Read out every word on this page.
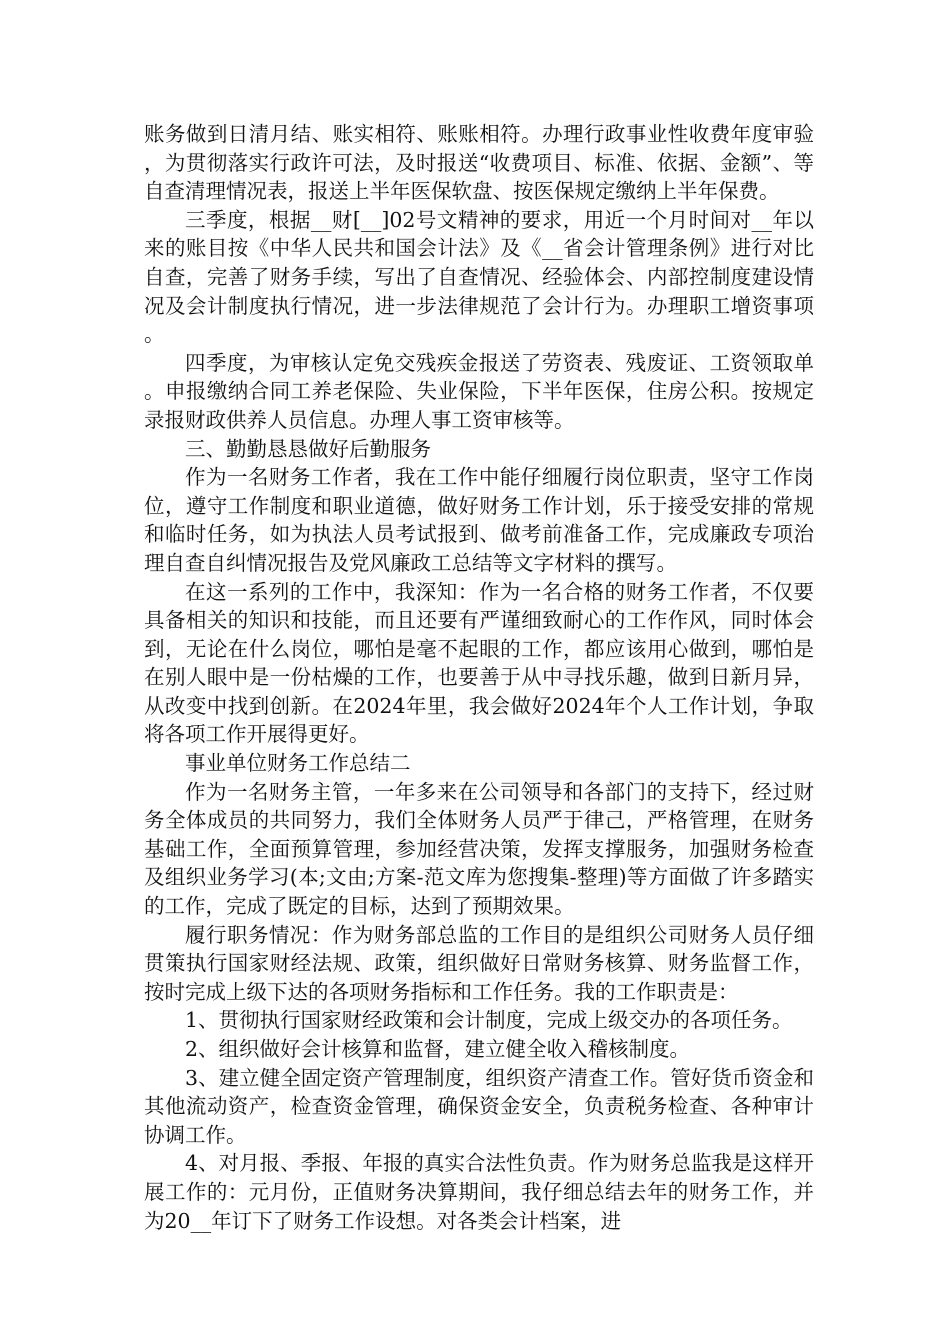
账务做到日清月结、账实相符、账账相符。办理行政事业性收费年度审验，为贯彻落实行政许可法，及时报送“收费项目、标准、依据、金额”、等自查清理情况表，报送上半年医保软盘、按医保规定缴纳上半年保费。

三季度，根据__财[__]02号文精神的要求，用近一个月时间对__年以来的账目按《中华人民共和国会计法》及《__省会计管理条例》进行对比自查，完善了财务手续，写出了自查情况、经验体会、内部控制度建设情况及会计制度执行情况，进一步法律规范了会计行为。办理职工增资事项。

四季度，为审核认定免交残疾金报送了劳资表、残废证、工资领取单。申报缴纳合同工养老保险、失业保险，下半年医保，住房公积。按规定录报财政供养人员信息。办理人事工资审核等。

三、勤勤恳恳做好后勤服务

作为一名财务工作者，我在工作中能仔细履行岗位职责，坚守工作岗位，遵守工作制度和职业道德，做好财务工作计划，乐于接受安排的常规和临时任务，如为执法人员考试报到、做考前准备工作，完成廉政专项治理自查自纠情况报告及党风廉政工总结等文字材料的撰写。

在这一系列的工作中，我深知：作为一名合格的财务工作者，不仅要具备相关的知识和技能，而且还要有严谨细致耐心的工作作风，同时体会到，无论在什么岗位，哪怕是毫不起眼的工作，都应该用心做到，哪怕是在别人眼中是一份枯燥的工作，也要善于从中寻找乐趣，做到日新月异，从改变中找到创新。在2024年里，我会做好2024年个人工作计划，争取将各项工作开展得更好。

事业单位财务工作总结二

作为一名财务主管，一年多来在公司领导和各部门的支持下，经过财务全体成员的共同努力，我们全体财务人员严于律己，严格管理，在财务基础工作，全面预算管理，参加经营决策，发挥支撑服务，加强财务检查及组织业务学习(本;文由;方案-范文库为您搜集-整理)等方面做了许多踏实的工作，完成了既定的目标，达到了预期效果。

履行职务情况：作为财务部总监的工作目的是组织公司财务人员仔细贯策执行国家财经法规、政策，组织做好日常财务核算、财务监督工作，按时完成上级下达的各项财务指标和工作任务。我的工作职责是：

1、贯彻执行国家财经政策和会计制度，完成上级交办的各项任务。

2、组织做好会计核算和监督，建立健全收入稽核制度。

3、建立健全固定资产管理制度，组织资产清查工作。管好货币资金和其他流动资产，检查资金管理，确保资金安全，负责税务检查、各种审计协调工作。

4、对月报、季报、年报的真实合法性负责。作为财务总监我是这样开展工作的：元月份，正值财务决算期间，我仔细总结去年的财务工作，并为20__年订下了财务工作设想。对各类会计档案，进
